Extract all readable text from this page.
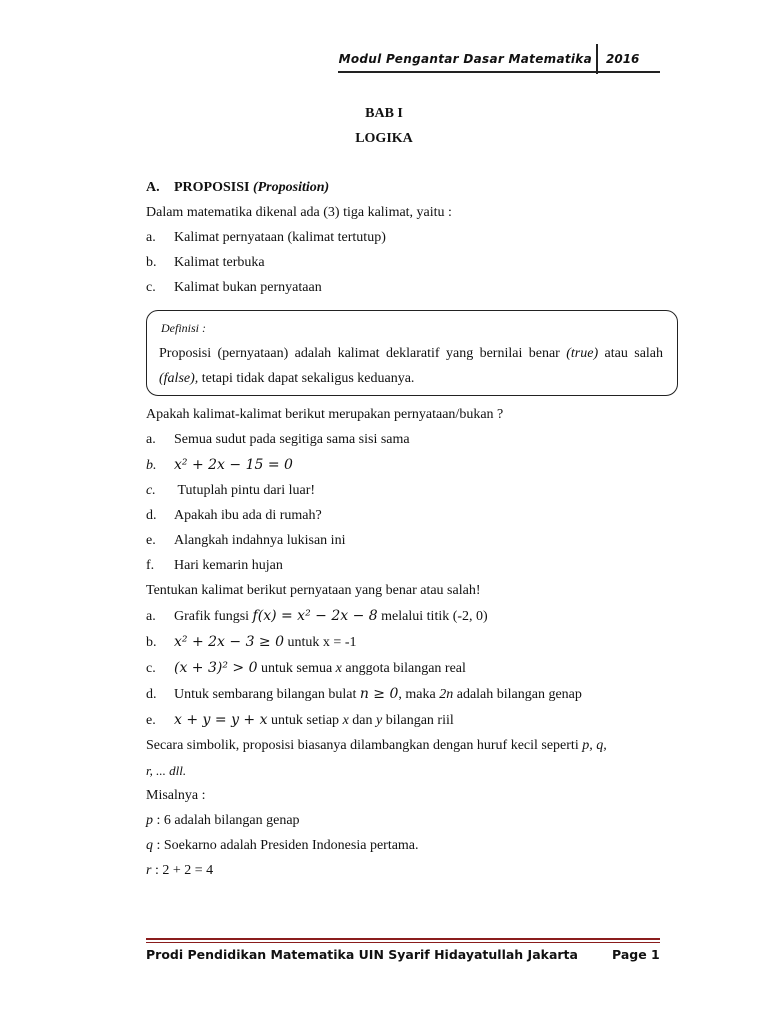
Modul Pengantar Dasar Matematika 2016
BAB I
LOGIKA
A. PROPOSISI (Proposition)
Dalam matematika dikenal ada (3) tiga kalimat, yaitu :
a. Kalimat pernyataan (kalimat tertutup)
b. Kalimat terbuka
c. Kalimat bukan pernyataan
Definisi :
Proposisi (pernyataan) adalah kalimat deklaratif yang bernilai benar (true) atau salah (false), tetapi tidak dapat sekaligus keduanya.
Apakah kalimat-kalimat berikut merupakan pernyataan/bukan ?
a. Semua sudut pada segitiga sama sisi sama
b. x² + 2x − 15 = 0
c. Tutuplah pintu dari luar!
d. Apakah ibu ada di rumah?
e. Alangkah indahnya lukisan ini
f. Hari kemarin hujan
Tentukan kalimat berikut pernyataan yang benar atau salah!
a. Grafik fungsi f(x) = x² − 2x − 8 melalui titik (-2, 0)
b. x² + 2x − 3 ≥ 0 untuk x = -1
c. (x + 3)² > 0 untuk semua x anggota bilangan real
d. Untuk sembarang bilangan bulat n ≥ 0, maka 2n adalah bilangan genap
e. x + y = y + x untuk setiap x dan y bilangan riil
Secara simbolik, proposisi biasanya dilambangkan dengan huruf kecil seperti p, q,
r, ... dll.
Misalnya :
p : 6 adalah bilangan genap
q : Soekarno adalah Presiden Indonesia pertama.
r : 2 + 2 = 4
Prodi Pendidikan Matematika UIN Syarif Hidayatullah Jakarta	Page 1
